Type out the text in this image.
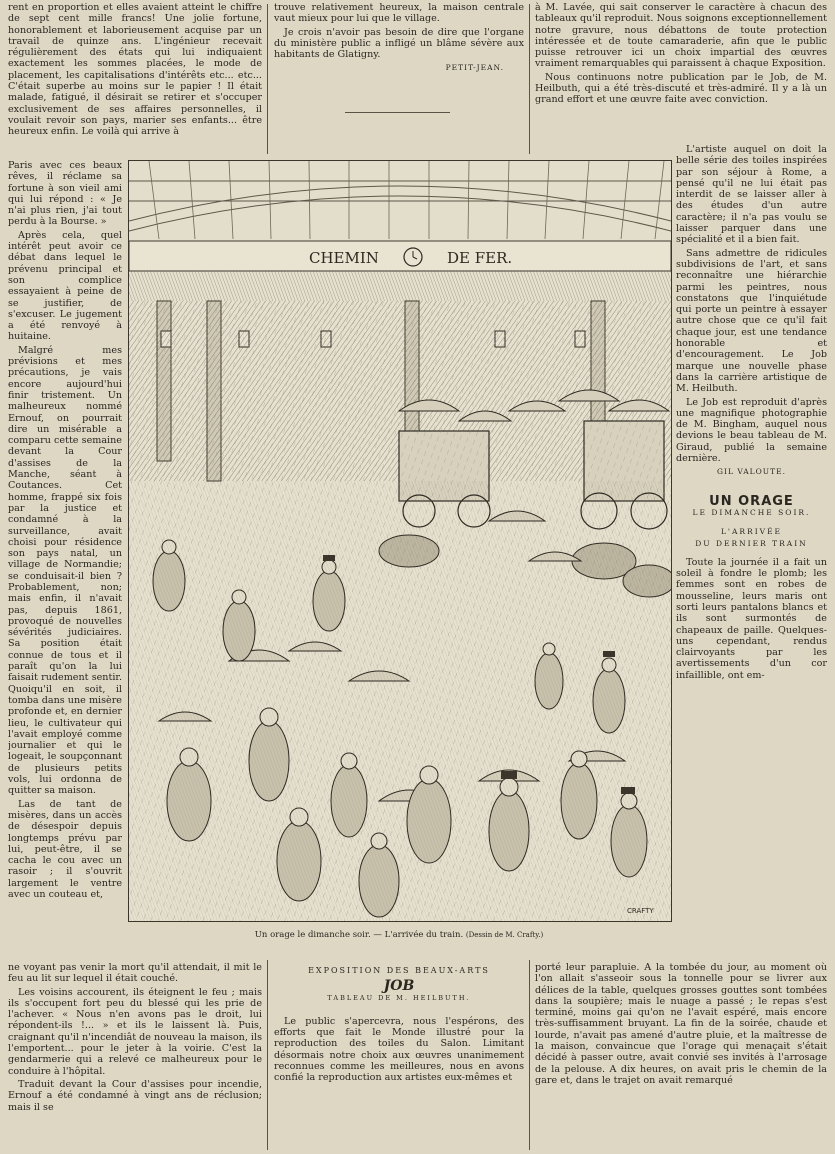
rent en proportion et elles avaient atteint le chiffre de sept cent mille francs! Une jolie fortune, honorablement et laborieusement acquise par un travail de quinze ans. L'ingénieur recevait régulièrement des états qui lui indiquaient exactement les sommes placées, le mode de placement, les capitalisations d'intérêts etc... etc... C'était superbe au moins sur le papier ! Il était malade, fatigué, il désirait se retirer et s'occuper exclusivement de ses affaires personnelles, il voulait revoir son pays, marier ses enfants... être heureux enfin. Le voilà qui arrive à

Paris avec ces beaux rêves, il réclame sa fortune à son vieil ami qui lui répond : « Je n'ai plus rien, j'ai tout perdu à la Bourse. »

Après cela, quel intérêt peut avoir ce débat dans lequel le prévenu principal et son complice essayaient à peine de se justifier, de s'excuser. Le jugement a été renvoyé à huitaine.

Malgré mes prévisions et mes précautions, je vais encore aujourd'hui finir tristement. Un malheureux nommé Ernouf, on pourrait dire un misérable a comparu cette semaine devant la Cour d'assises de la Manche, séant à Coutances. Cet homme, frappé six fois par la justice et condamné à la surveillance, avait choisi pour résidence son pays natal, un village de Normandie; se conduisait-il bien ? Probablement, non; mais enfin, il n'avait pas, depuis 1861, provoqué de nouvelles sévérités judiciaires. Sa position était connue de tous et il paraît qu'on la lui faisait rudement sentir. Quoiqu'il en soit, il tomba dans une misère profonde et, en dernier lieu, le cultivateur qui l'avait employé comme journalier et qui le logeait, le soupçonnant de plusieurs petits vols, lui ordonna de quitter sa maison.

Las de tant de misères, dans un accès de désespoir depuis longtemps prévu par lui, peut-être, il se cacha le cou avec un rasoir ; il s'ouvrit largement le ventre avec un couteau et,

ne voyant pas venir la mort qu'il attendait, il mit le feu au lit sur lequel il était couché.

Les voisins accourent, ils éteignent le feu ; mais ils s'occupent fort peu du blessé qui les prie de l'achever. « Nous n'en avons pas le droit, lui répondent-ils !... » et ils le laissent là. Puis, craignant qu'il n'incendiât de nouveau la maison, ils l'emportent... pour le jeter à la voirie. C'est la gendarmerie qui a relevé ce malheureux pour le conduire à l'hôpital.

Traduit devant la Cour d'assises pour incendie, Ernouf a été condamné à vingt ans de réclusion; mais il se

trouve relativement heureux, la maison centrale vaut mieux pour lui que le village.

Je crois n'avoir pas besoin de dire que l'organe du ministère public a infligé un blâme sévère aux habitants de Glatigny.

PETIT-JEAN.

à M. Lavée, qui sait conserver le caractère à chacun des tableaux qu'il reproduit. Nous soignons exceptionnellement notre gravure, nous débattons de toute protection intéressée et de toute camaraderie, afin que le public puisse retrouver ici un choix impartial des œuvres vraiment remarquables qui paraissent à chaque Exposition.

Nous continuons notre publication par le Job, de M. Heilbuth, qui a été très-discuté et très-admiré. Il y a là un grand effort et une œuvre faite avec conviction.

L'artiste auquel on doit la belle série des toiles inspirées par son séjour à Rome, a pensé qu'il ne lui était pas interdit de se laisser aller à des études d'un autre caractère; il n'a pas voulu se laisser parquer dans une spécialité et il a bien fait.

Sans admettre de ridicules subdivisions de l'art, et sans reconnaître une hiérarchie parmi les peintres, nous constatons que l'inquiétude qui porte un peintre à essayer autre chose que ce qu'il fait chaque jour, est une tendance honorable et d'encouragement. Le Job marque une nouvelle phase dans la carrière artistique de M. Heilbuth.

Le Job est reproduit d'après une magnifique photographie de M. Bingham, auquel nous devions le beau tableau de M. Giraud, publié la semaine dernière.

GIL VALOUTE.
UN ORAGE
LE DIMANCHE SOIR.
L'ARRIVÉE
DU DERNIER TRAIN

Toute la journée il a fait un soleil à fondre le plomb; les femmes sont en robes de mousseline, leurs maris ont sorti leurs pantalons blancs et ils sont surmontés de chapeaux de paille. Quelques-uns cependant, rendus clairvoyants par les avertissements d'un cor infaillible, ont em-

CHEMIN	DE FER.
CRAFTY
Un orage le dimanche soir. — L'arrivée du train. (Dessin de M. Crafty.)
EXPOSITION DES BEAUX-ARTS
JOB
TABLEAU DE M. HEILBUTH.

Le public s'apercevra, nous l'espérons, des efforts que fait le Monde illustré pour la reproduction des toiles du Salon. Limitant désormais notre choix aux œuvres unanimement reconnues comme les meilleures, nous en avons confié la reproduction aux artistes eux-mêmes et

porté leur parapluie. A la tombée du jour, au moment où l'on allait s'asseoir sous la tonnelle pour se livrer aux délices de la table, quelques grosses gouttes sont tombées dans la soupière; mais le nuage a passé ; le repas s'est terminé, moins gai qu'on ne l'avait espéré, mais encore très-suffisamment bruyant. La fin de la soirée, chaude et lourde, n'avait pas amené d'autre pluie, et la maîtresse de la maison, convaincue que l'orage qui menaçait s'était décidé à passer outre, avait convié ses invités à l'arrosage de la pelouse. A dix heures, on avait pris le chemin de la gare et, dans le trajet on avait remarqué
